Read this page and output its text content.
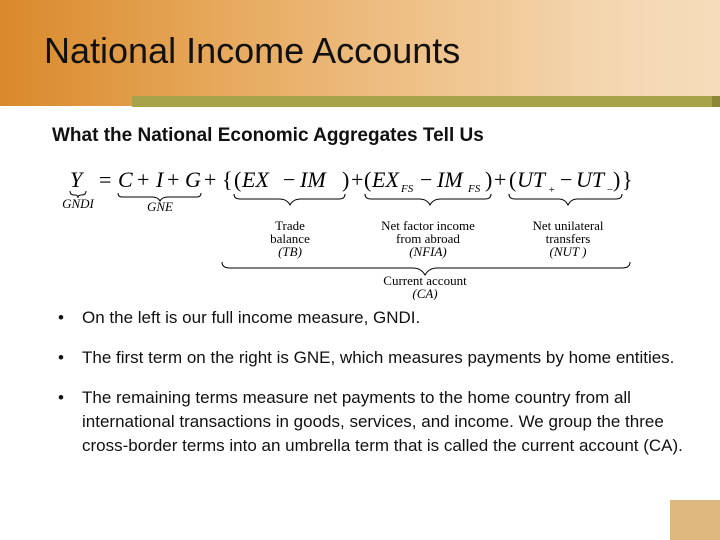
National Income Accounts
What the National Economic Aggregates Tell Us
Y = C + I + G + { ( EX − IM ) + ( EX FS − IM FS ) + ( UT + − UT − ) }
GNDI	GNE
Trade
balance
(TB)
Net factor income
from abroad
(NFIA)
Net unilateral
transfers
(NUT )
Current account
(CA)
• On the left is our full income measure, GNDI.
• The first term on the right is GNE, which measures payments by home entities.
• The remaining terms measure net payments to the home country from all international transactions in goods, services, and income. We group the three cross-border terms into an umbrella term that is called the current account (CA).
